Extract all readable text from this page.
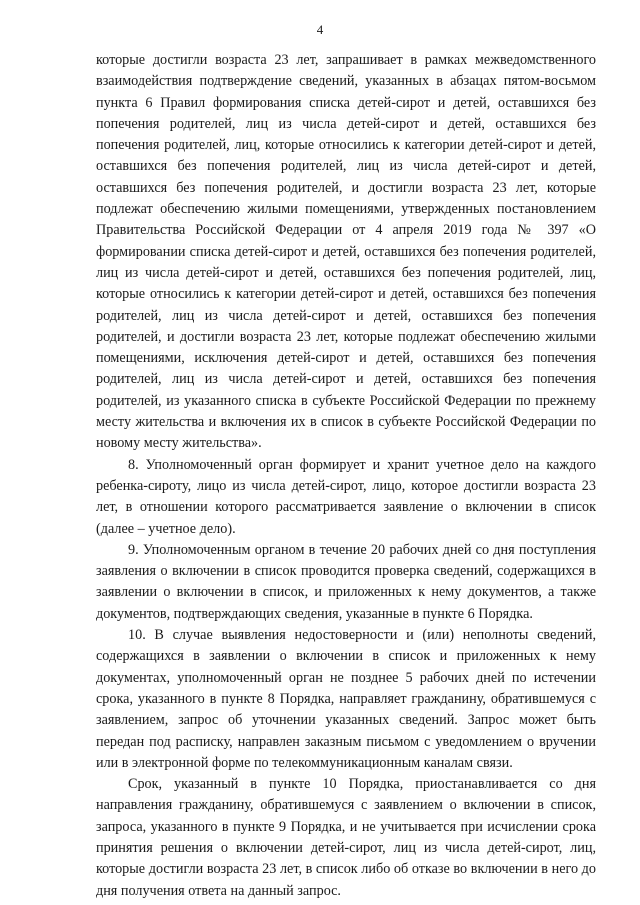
4

которые достигли возраста 23 лет, запрашивает в рамках межведомственного взаимодействия подтверждение сведений, указанных в абзацах пятом-восьмом пункта 6 Правил формирования списка детей-сирот и детей, оставшихся без попечения родителей, лиц из числа детей-сирот и детей, оставшихся без попечения родителей, лиц, которые относились к категории детей-сирот и детей, оставшихся без попечения родителей, лиц из числа детей-сирот и детей, оставшихся без попечения родителей, и достигли возраста 23 лет, которые подлежат обеспечению жилыми помещениями, утвержденных постановлением Правительства Российской Федерации от 4 апреля 2019 года № 397 «О формировании списка детей-сирот и детей, оставшихся без попечения родителей, лиц из числа детей-сирот и детей, оставшихся без попечения родителей, лиц, которые относились к категории детей-сирот и детей, оставшихся без попечения родителей, лиц из числа детей-сирот и детей, оставшихся без попечения родителей, и достигли возраста 23 лет, которые подлежат обеспечению жилыми помещениями, исключения детей-сирот и детей, оставшихся без попечения родителей, лиц из числа детей-сирот и детей, оставшихся без попечения родителей, из указанного списка в субъекте Российской Федерации по прежнему месту жительства и включения их в список в субъекте Российской Федерации по новому месту жительства».

8. Уполномоченный орган формирует и хранит учетное дело на каждого ребенка-сироту, лицо из числа детей-сирот, лицо, которое достигли возраста 23 лет, в отношении которого рассматривается заявление о включении в список (далее – учетное дело).

9. Уполномоченным органом в течение 20 рабочих дней со дня поступления заявления о включении в список проводится проверка сведений, содержащихся в заявлении о включении в список, и приложенных к нему документов, а также документов, подтверждающих сведения, указанные в пункте 6 Порядка.

10. В случае выявления недостоверности и (или) неполноты сведений, содержащихся в заявлении о включении в список и приложенных к нему документах, уполномоченный орган не позднее 5 рабочих дней по истечении срока, указанного в пункте 8 Порядка, направляет гражданину, обратившемуся с заявлением, запрос об уточнении указанных сведений. Запрос может быть передан под расписку, направлен заказным письмом с уведомлением о вручении или в электронной форме по телекоммуникационным каналам связи.

Срок, указанный в пункте 10 Порядка, приостанавливается со дня направления гражданину, обратившемуся с заявлением о включении в список, запроса, указанного в пункте 9 Порядка, и не учитывается при исчислении срока принятия решения о включении детей-сирот, лиц из числа детей-сирот, лиц, которые достигли возраста 23 лет, в список либо об отказе во включении в него до дня получения ответа на данный запрос.
